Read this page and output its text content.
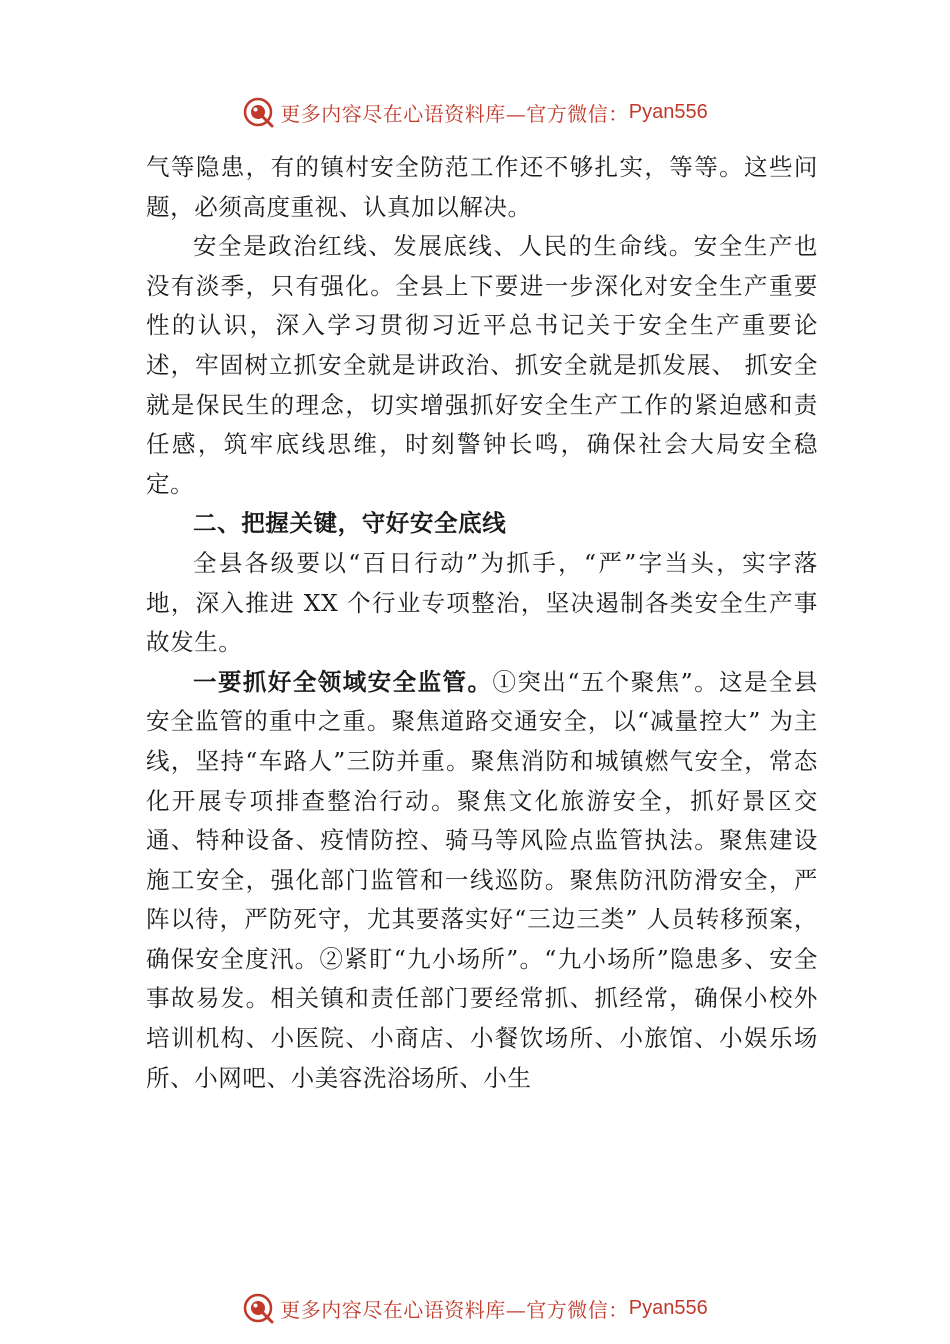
更多内容尽在心语资料库—官方微信： Pyan556

气等隐患，有的镇村安全防范工作还不够扎实，等等。这些问题，必须高度重视、认真加以解决。

安全是政治红线、发展底线、人民的生命线。安全生产也没有淡季，只有强化。全县上下要进一步深化对安全生产重要性的认识，深入学习贯彻习近平总书记关于安全生产重要论述，牢固树立抓安全就是讲政治、抓安全就是抓发展、 抓安全就是保民生的理念，切实增强抓好安全生产工作的紧迫感和责任感，筑牢底线思维，时刻警钟长鸣，确保社会大局安全稳定。

二、把握关键，守好安全底线

全县各级要以“百日行动”为抓手，“严”字当头，实字落地，深入推进 XX 个行业专项整治，坚决遏制各类安全生产事故发生。

一要抓好全领域安全监管。①突出“五个聚焦”。这是全县安全监管的重中之重。聚焦道路交通安全，以“减量控大” 为主线，坚持“车路人”三防并重。聚焦消防和城镇燃气安全，常态化开展专项排查整治行动。聚焦文化旅游安全，抓好景区交通、特种设备、疫情防控、骑马等风险点监管执法。聚焦建设施工安全，强化部门监管和一线巡防。聚焦防汛防滑安全，严阵以待，严防死守，尤其要落实好“三边三类” 人员转移预案，确保安全度汛。②紧盯“九小场所”。“九小场所”隐患多、安全事故易发。相关镇和责任部门要经常抓、抓经常，确保小校外培训机构、小医院、小商店、小餐饮场所、小旅馆、小娱乐场所、小网吧、小美容洗浴场所、小生

更多内容尽在心语资料库—官方微信： Pyan556
